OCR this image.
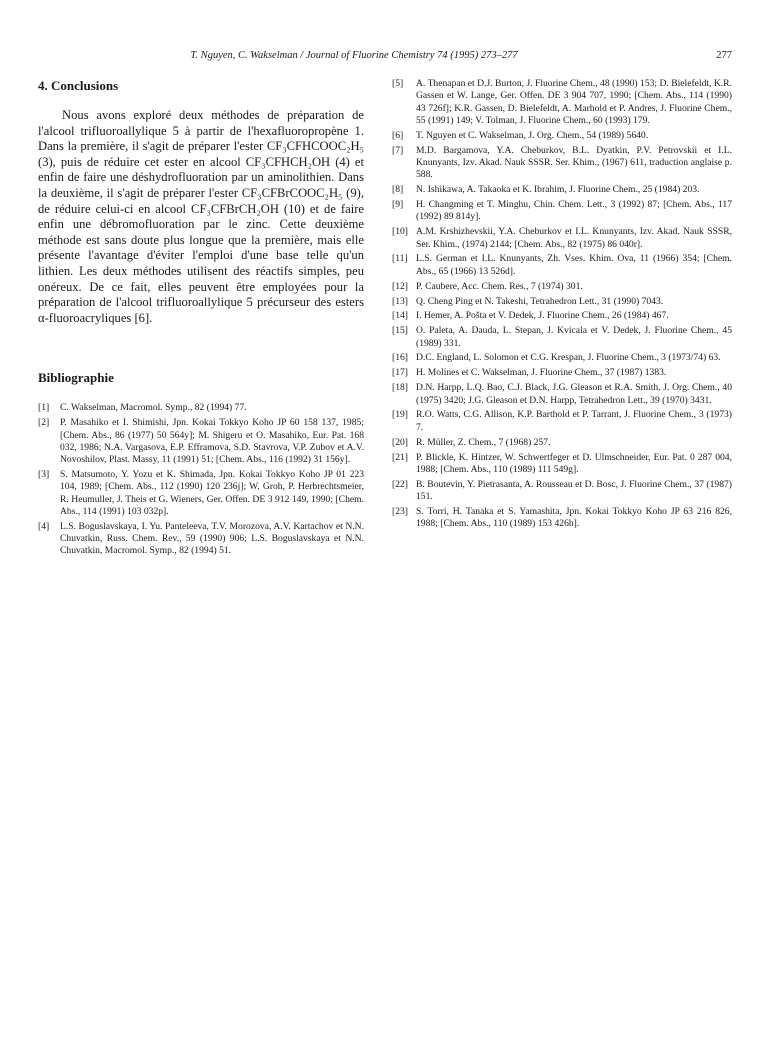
T. Nguyen, C. Wakselman / Journal of Fluorine Chemistry 74 (1995) 273–277	277
4. Conclusions

Nous avons exploré deux méthodes de préparation de l'alcool trifluoroallylique 5 à partir de l'hexafluoropropène 1. Dans la première, il s'agit de préparer l'ester CF₃CFHCOOC₂H₅ (3), puis de réduire cet ester en alcool CF₃CFHCH₂OH (4) et enfin de faire une déshydrofluoration par un aminolithien. Dans la deuxième, il s'agit de préparer l'ester CF₃CFBrCOOC₂H₅ (9), de réduire celui-ci en alcool CF₃CFBrCH₂OH (10) et de faire enfin une débromofluoration par le zinc. Cette deuxième méthode est sans doute plus longue que la première, mais elle présente l'avantage d'éviter l'emploi d'une base telle qu'un lithien. Les deux méthodes utilisent des réactifs simples, peu onéreux. De ce fait, elles peuvent être employées pour la préparation de l'alcool trifluoroallylique 5 précurseur des esters α-fluoroacryliques [6].

Bibliographie
[1] C. Wakselman, Macromol. Symp., 82 (1994) 77.
[2] P. Masahiko et I. Shimishi, Jpn. Kokai Tokkyo Koho JP 60 158 137, 1985; [Chem. Abs., 86 (1977) 50 564y]; M. Shigeru et O. Masahiko, Eur. Pat. 168 032, 1986; N.A. Vargasova, E.P. Efframova, S.D. Stavrova, V.P. Zubov et A.V. Novoshilov, Plast. Massy, 11 (1991) 51; [Chem. Abs., 116 (1992) 31 156y].
[3] S. Matsumoto, Y. Yozu et K. Shimada, Jpn. Kokai Tokkyo Koho JP 01 223 104, 1989; [Chem. Abs., 112 (1990) 120 236j]; W. Groh, P. Herbrechtsmeier, R. Heumuller, J. Theis et G. Wieners, Ger. Offen. DE 3 912 149, 1990; [Chem. Abs., 114 (1991) 103 032p].
[4] L.S. Boguslavskaya, I. Yu. Panteleeva, T.V. Morozova, A.V. Kartachov et N.N. Chuvatkin, Russ. Chem. Rev., 59 (1990) 906; L.S. Boguslavskaya et N.N. Chuvatkin, Macromol. Symp., 82 (1994) 51.
[5] A. Thenapan et D.J. Burton, J. Fluorine Chem., 48 (1990) 153; D. Bielefeldt, K.R. Gassen et W. Lange, Ger. Offen. DE 3 904 707, 1990; [Chem. Abs., 114 (1990) 43 726f]; K.R. Gassen, D. Bielefeldt, A. Marhold et P. Andres, J. Fluorine Chem., 55 (1991) 149; V. Tolman, J. Fluorine Chem., 60 (1993) 179.
[6] T. Nguyen et C. Wakselman, J. Org. Chem., 54 (1989) 5640.
[7] M.D. Bargamova, Y.A. Cheburkov, B.L. Dyatkin, P.V. Petrovskii et I.L. Knunyants, Izv. Akad. Nauk SSSR. Ser. Khim., (1967) 611, traduction anglaise p. 588.
[8] N. Ishikawa, A. Takaoka et K. Ibrahim, J. Fluorine Chem., 25 (1984) 203.
[9] H. Changming et T. Minghu, Chin. Chem. Lett., 3 (1992) 87; [Chem. Abs., 117 (1992) 89 814y].
[10] A.M. Krshizhevskii, Y.A. Cheburkov et I.L. Knunyants, Izv. Akad. Nauk SSSR, Ser. Khim., (1974) 2144; [Chem. Abs., 82 (1975) 86 040r].
[11] L.S. German et I.L. Knunyants, Zh. Vses. Khim. Ova, 11 (1966) 354; [Chem. Abs., 65 (1966) 13 526d].
[12] P. Caubere, Acc. Chem. Res., 7 (1974) 301.
[13] Q. Cheng Ping et N. Takeshi, Tetrahedron Lett., 31 (1990) 7043.
[14] I. Hemer, A. Pošta et V. Dedek, J. Fluorine Chem., 26 (1984) 467.
[15] O. Paleta, A. Dauda, L. Stepan, J. Kvicala et V. Dedek, J. Fluorine Chem., 45 (1989) 331.
[16] D.C. England, L. Solomon et C.G. Krespan, J. Fluorine Chem., 3 (1973/74) 63.
[17] H. Molines et C. Wakselman, J. Fluorine Chem., 37 (1987) 1383.
[18] D.N. Harpp, L.Q. Bao, C.J. Black, J.G. Gleason et R.A. Smith, J. Org. Chem., 40 (1975) 3420; J.G. Gleason et D.N. Harpp, Tetrahedron Lett., 39 (1970) 3431.
[19] R.O. Watts, C.G. Allison, K.P. Barthold et P. Tarrant, J. Fluorine Chem., 3 (1973) 7.
[20] R. Müller, Z. Chem., 7 (1968) 257.
[21] P. Blickle, K. Hintzer, W. Schwertfeger et D. Ulmschneider, Eur. Pat. 0 287 004, 1988; [Chem. Abs., 110 (1989) 111 549g].
[22] B. Boutevin, Y. Pietrasanta, A. Rousseau et D. Bosc, J. Fluorine Chem., 37 (1987) 151.
[23] S. Torri, H. Tanaka et S. Yamashita, Jpn. Kokai Tokkyo Koho JP 63 216 826, 1988; [Chem. Abs., 110 (1989) 153 426h].
